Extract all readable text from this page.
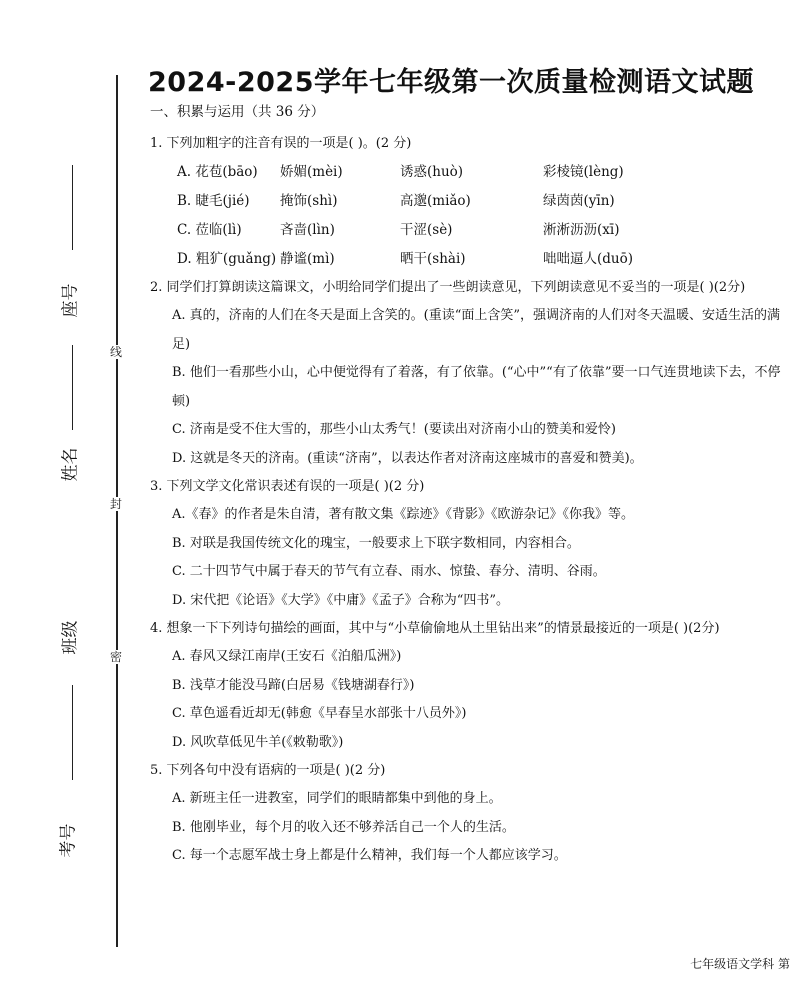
座号
姓名
班级
考号
线
封
密
2024-2025学年七年级第一次质量检测语文试题
一、积累与运用（共 36 分）
1. 下列加粗字的注音有误的一项是( )。(2 分)
A. 花苞(bāo)	娇媚(mèi)	诱惑(huò)	彩棱镜(lèng)
B. 睫毛(jié)	掩饰(shì)	高邈(miǎo)	绿茵茵(yīn)
C. 莅临(lì)	吝啬(lìn)	干涩(sè)	淅淅沥沥(xī)
D. 粗犷(guǎng) 静谧(mì)	晒干(shài)	咄咄逼人(duō)
2. 同学们打算朗读这篇课文，小明给同学们提出了一些朗读意见，下列朗读意见不妥当的一项是( )(2分)
A. 真的，济南的人们在冬天是面上含笑的。(重读“面上含笑”，强调济南的人们对冬天温暖、安适生活的满足)
B. 他们一看那些小山，心中便觉得有了着落，有了依靠。(“心中”“有了依靠”要一口气连贯地读下去，不停顿)
C. 济南是受不住大雪的，那些小山太秀气！(要读出对济南小山的赞美和爱怜)
D. 这就是冬天的济南。(重读“济南”，以表达作者对济南这座城市的喜爱和赞美)。
3. 下列文学文化常识表述有误的一项是( )(2 分)
A.《春》的作者是朱自清，著有散文集《踪迹》《背影》《欧游杂记》《你我》等。
B. 对联是我国传统文化的瑰宝，一般要求上下联字数相同，内容相合。
C. 二十四节气中属于春天的节气有立春、雨水、惊蛰、春分、清明、谷雨。
D. 宋代把《论语》《大学》《中庸》《孟子》合称为“四书”。
4. 想象一下下列诗句描绘的画面，其中与“小草偷偷地从土里钻出来”的情景最接近的一项是( )(2分)
A. 春风又绿江南岸(王安石《泊船瓜洲》)
B. 浅草才能没马蹄(白居易《钱塘湖春行》)
C. 草色遥看近却无(韩愈《早春呈水部张十八员外》)
D. 风吹草低见牛羊(《敕勒歌》)
5. 下列各句中没有语病的一项是( )(2 分)
A. 新班主任一进教室，同学们的眼睛都集中到他的身上。
B. 他刚毕业，每个月的收入还不够养活自己一个人的生活。
C. 每一个志愿军战士身上都是什么精神，我们每一个人都应该学习。
七年级语文学科 第
